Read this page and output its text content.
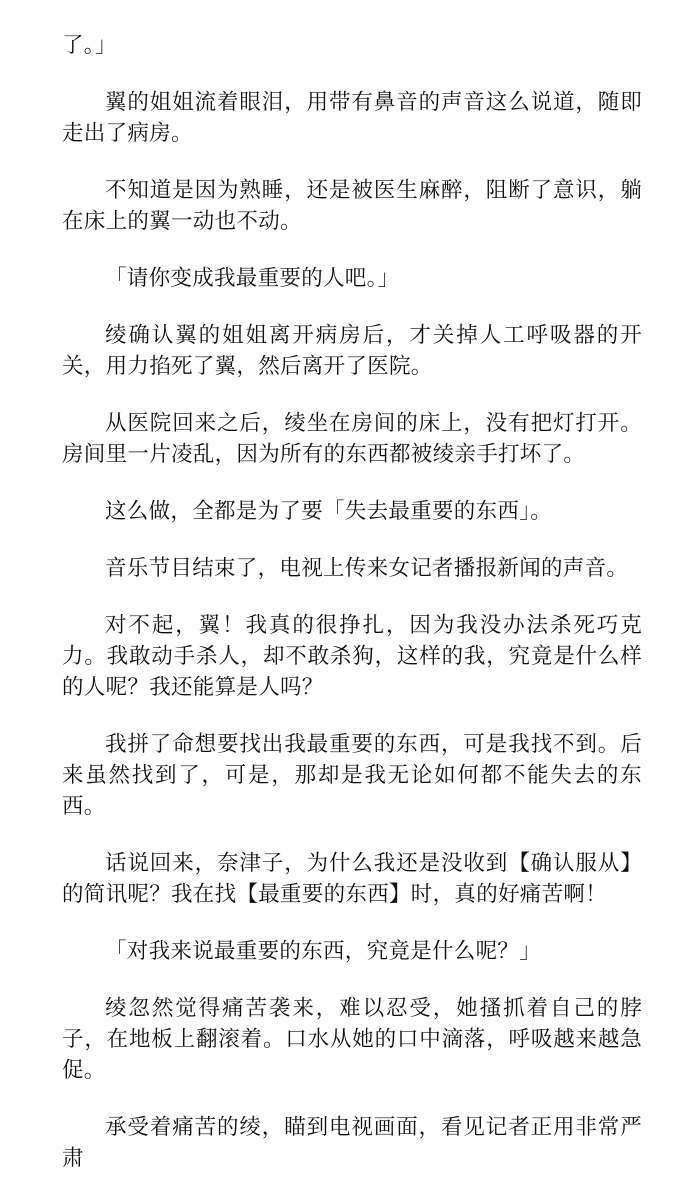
了。」

翼的姐姐流着眼泪，用带有鼻音的声音这么说道，随即走出了病房。

不知道是因为熟睡，还是被医生麻醉，阻断了意识，躺在床上的翼一动也不动。

「请你变成我最重要的人吧。」

绫确认翼的姐姐离开病房后，才关掉人工呼吸器的开关，用力掐死了翼，然后离开了医院。

从医院回来之后，绫坐在房间的床上，没有把灯打开。房间里一片凌乱，因为所有的东西都被绫亲手打坏了。

这么做，全都是为了要「失去最重要的东西」。

音乐节目结束了，电视上传来女记者播报新闻的声音。

对不起，翼！我真的很挣扎，因为我没办法杀死巧克力。我敢动手杀人，却不敢杀狗，这样的我，究竟是什么样的人呢？我还能算是人吗？

我拼了命想要找出我最重要的东西，可是我找不到。后来虽然找到了，可是，那却是我无论如何都不能失去的东西。

话说回来，奈津子，为什么我还是没收到【确认服从】的简讯呢？我在找【最重要的东西】时，真的好痛苦啊！

「对我来说最重要的东西，究竟是什么呢？」

绫忽然觉得痛苦袭来，难以忍受，她搔抓着自己的脖子，在地板上翻滚着。口水从她的口中滴落，呼吸越来越急促。

承受着痛苦的绫，瞄到电视画面，看见记者正用非常严肃
